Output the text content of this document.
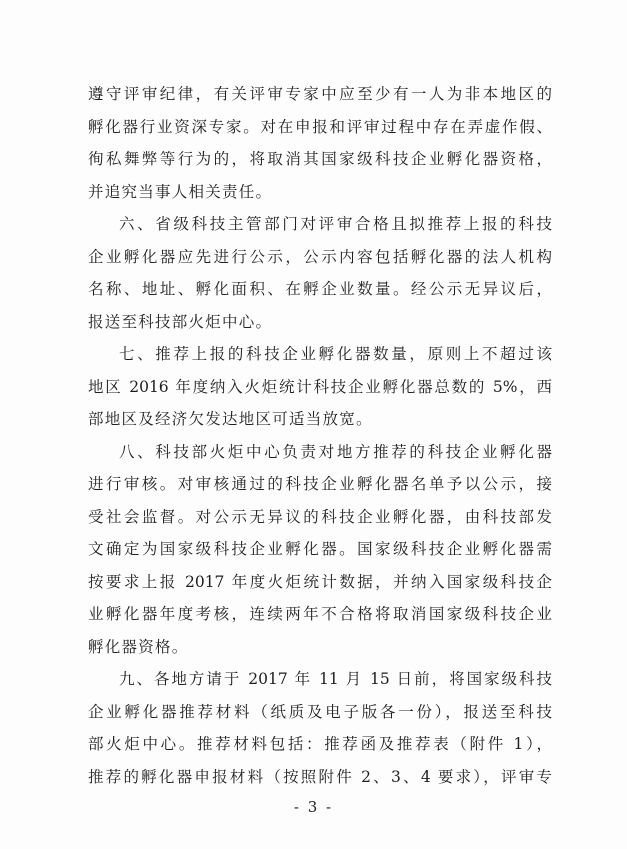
遵守评审纪律，有关评审专家中应至少有一人为非本地区的
孵化器行业资深专家。对在申报和评审过程中存在弄虚作假、
徇私舞弊等行为的，将取消其国家级科技企业孵化器资格，
并追究当事人相关责任。
六、省级科技主管部门对评审合格且拟推荐上报的科技
企业孵化器应先进行公示，公示内容包括孵化器的法人机构
名称、地址、孵化面积、在孵企业数量。经公示无异议后，
报送至科技部火炬中心。
七、推荐上报的科技企业孵化器数量，原则上不超过该
地区 2016 年度纳入火炬统计科技企业孵化器总数的 5%，西
部地区及经济欠发达地区可适当放宽。
八、科技部火炬中心负责对地方推荐的科技企业孵化器
进行审核。对审核通过的科技企业孵化器名单予以公示，接
受社会监督。对公示无异议的科技企业孵化器，由科技部发
文确定为国家级科技企业孵化器。国家级科技企业孵化器需
按要求上报 2017 年度火炬统计数据，并纳入国家级科技企
业孵化器年度考核，连续两年不合格将取消国家级科技企业
孵化器资格。
九、各地方请于 2017 年 11 月 15 日前，将国家级科技
企业孵化器推荐材料（纸质及电子版各一份），报送至科技
部火炬中心。推荐材料包括：推荐函及推荐表（附件 1），
推荐的孵化器申报材料（按照附件 2、3、4 要求），评审专
- 3 -
